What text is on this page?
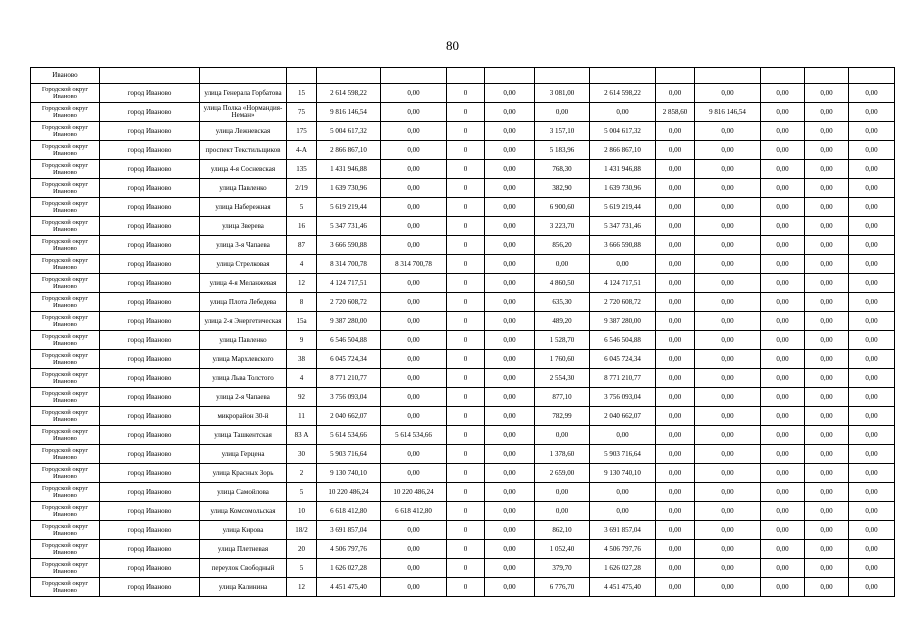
80
Иваново														
Городской округ Иваново	город Иваново	улица Генерала Горбатова	15	2 614 598,22	0,00	0	0,00	3 081,00	2 614 598,22	0,00	0,00	0,00	0,00	0,00
Городской округ Иваново	город Иваново	улица Полка «Нормандия-Неман»	75	9 816 146,54	0,00	0	0,00	0,00	0,00	2 858,60	9 816 146,54	0,00	0,00	0,00
Городской округ Иваново	город Иваново	улица Лежневская	175	5 004 617,32	0,00	0	0,00	3 157,10	5 004 617,32	0,00	0,00	0,00	0,00	0,00
Городской округ Иваново	город Иваново	проспект Текстильщиков	4-А	2 866 867,10	0,00	0	0,00	5 183,96	2 866 867,10	0,00	0,00	0,00	0,00	0,00
Городской округ Иваново	город Иваново	улица 4-я Сосневская	135	1 431 946,88	0,00	0	0,00	768,30	1 431 946,88	0,00	0,00	0,00	0,00	0,00
Городской округ Иваново	город Иваново	улица Павленко	2/19	1 639 730,96	0,00	0	0,00	382,90	1 639 730,96	0,00	0,00	0,00	0,00	0,00
Городской округ Иваново	город Иваново	улица Набережная	5	5 619 219,44	0,00	0	0,00	6 900,60	5 619 219,44	0,00	0,00	0,00	0,00	0,00
Городской округ Иваново	город Иваново	улица Зверева	16	5 347 731,46	0,00	0	0,00	3 223,70	5 347 731,46	0,00	0,00	0,00	0,00	0,00
Городской округ Иваново	город Иваново	улица 3-я Чапаева	87	3 666 590,88	0,00	0	0,00	856,20	3 666 590,88	0,00	0,00	0,00	0,00	0,00
Городской округ Иваново	город Иваново	улица Стрелковая	4	8 314 700,78	8 314 700,78	0	0,00	0,00	0,00	0,00	0,00	0,00	0,00	0,00
Городской округ Иваново	город Иваново	улица 4-я Меланжевая	12	4 124 717,51	0,00	0	0,00	4 860,50	4 124 717,51	0,00	0,00	0,00	0,00	0,00
Городской округ Иваново	город Иваново	улица Плота Лебедева	8	2 720 608,72	0,00	0	0,00	635,30	2 720 608,72	0,00	0,00	0,00	0,00	0,00
Городской округ Иваново	город Иваново	улица 2-я Энергетическая	15а	9 387 280,00	0,00	0	0,00	489,20	9 387 280,00	0,00	0,00	0,00	0,00	0,00
Городской округ Иваново	город Иваново	улица Павленко	9	6 546 504,88	0,00	0	0,00	1 528,70	6 546 504,88	0,00	0,00	0,00	0,00	0,00
Городской округ Иваново	город Иваново	улица Мархлевского	38	6 045 724,34	0,00	0	0,00	1 760,60	6 045 724,34	0,00	0,00	0,00	0,00	0,00
Городской округ Иваново	город Иваново	улица Льва Толстого	4	8 771 210,77	0,00	0	0,00	2 554,30	8 771 210,77	0,00	0,00	0,00	0,00	0,00
Городской округ Иваново	город Иваново	улица 2-я Чапаева	92	3 756 093,04	0,00	0	0,00	877,10	3 756 093,04	0,00	0,00	0,00	0,00	0,00
Городской округ Иваново	город Иваново	микрорайон 30-й	11	2 040 662,07	0,00	0	0,00	782,99	2 040 662,07	0,00	0,00	0,00	0,00	0,00
Городской округ Иваново	город Иваново	улица Ташкентская	83 А	5 614 534,66	5 614 534,66	0	0,00	0,00	0,00	0,00	0,00	0,00	0,00	0,00
Городской округ Иваново	город Иваново	улица Герцена	30	5 903 716,64	0,00	0	0,00	1 378,60	5 903 716,64	0,00	0,00	0,00	0,00	0,00
Городской округ Иваново	город Иваново	улица Красных Зорь	2	9 130 740,10	0,00	0	0,00	2 659,00	9 130 740,10	0,00	0,00	0,00	0,00	0,00
Городской округ Иваново	город Иваново	улица Самойлова	5	10 220 486,24	10 220 486,24	0	0,00	0,00	0,00	0,00	0,00	0,00	0,00	0,00
Городской округ Иваново	город Иваново	улица Комсомольская	10	6 618 412,80	6 618 412,80	0	0,00	0,00	0,00	0,00	0,00	0,00	0,00	0,00
Городской округ Иваново	город Иваново	улица Кирова	18/2	3 691 857,04	0,00	0	0,00	862,10	3 691 857,04	0,00	0,00	0,00	0,00	0,00
Городской округ Иваново	город Иваново	улица Плетневая	20	4 506 797,76	0,00	0	0,00	1 052,40	4 506 797,76	0,00	0,00	0,00	0,00	0,00
Городской округ Иваново	город Иваново	переулок Свободный	5	1 626 027,28	0,00	0	0,00	379,70	1 626 027,28	0,00	0,00	0,00	0,00	0,00
Городской округ Иваново	город Иваново	улица Калинина	12	4 451 475,40	0,00	0	0,00	6 776,70	4 451 475,40	0,00	0,00	0,00	0,00	0,00
